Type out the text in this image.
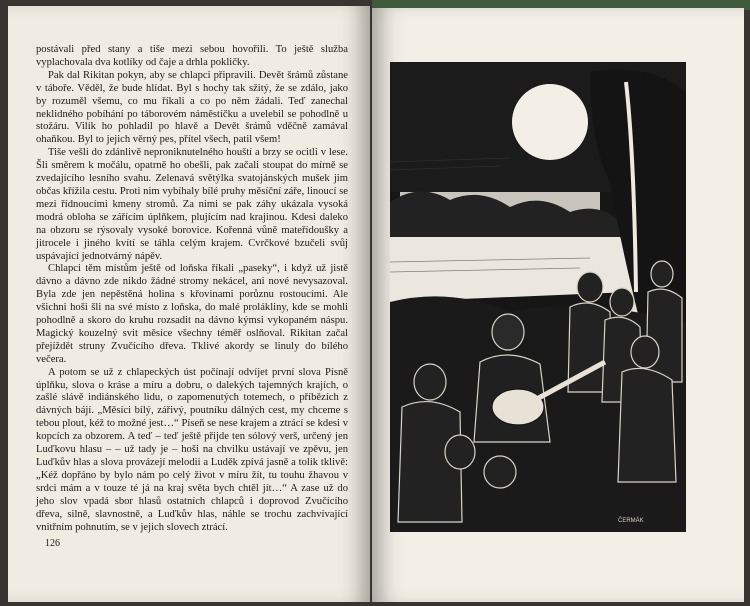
postávali před stany a tiše mezi sebou hovořili. To ještě služba vyplachovala dva kotlíky od čaje a drhla pokličky.

Pak dal Rikitan pokyn, aby se chlapci připravili. Devět šrámů zůstane v táboře. Věděl, že bude hlídat. Byl s hochy tak sžitý, že se zdálo, jako by rozuměl všemu, co mu říkali a co po něm žádali. Teď zanechal neklidného pobíhání po táborovém náměstíčku a uvelebil se pohodlně u stožáru. Vilík ho pohladil po hlavě a Devět šrámů vděčně zamával ohaňkou. Byl to jejich věrný pes, přítel všech, patil všem!

Tiše vešli do zdánlivě neproniknutelného houští a brzy se ocitli v lese. Šli směrem k močálu, opatrně ho obešli, pak začali stoupat do mírně se zvedajícího lesního svahu. Zelenavá světýlka svatojánských mušek jim občas křížila cestu. Proti nim vybíhaly bílé pruhy měsíční záře, linoucí se mezi řídnoucími kmeny stromů. Za nimi se pak záhy ukázala vysoká modrá obloha se zářícím úplňkem, plujícím nad krajinou. Kdesi daleko na obzoru se rýsovaly vysoké borovice. Kořenná vůně mateřídoušky a jitrocele i jiného kvítí se táhla celým krajem. Cvrčkové bzučeli svůj uspávající jednotvárný nápěv.

Chlapci těm místům ještě od loňska říkali „paseky“, i když už jistě dávno a dávno zde nikdo žádné stromy nekácel, ani nové nevysazoval. Byla zde jen nepěstěná holina s křovinami porůznu rostoucími. Ale všichni hoši šli na své místo z loňska, do malé prolákliny, kde se mohli pohodlně a skoro do kruhu rozsadit na dávno kýmsi vykopaném náspu. Magický kouzelný svit měsíce všechny téměř oslňoval. Rikitan začal přejíždět struny Zvučícího dřeva. Tklivé akordy se linuly do bílého večera.

A potom se už z chlapeckých úst počínají odvíjet první slova Písně úplňku, slova o kráse a míru a dobru, o dalekých tajemných krajích, o zašlé slávě indiánského lidu, o zapomenutých totemech, o příbězích z dávných bájí. „Měsíci bílý, zářivý, poutníku dálných cest, my chceme s tebou plout, kéž to možné jest…“ Píseň se nese krajem a ztrácí se kdesi v kopcích za obzorem. A teď – teď ještě přijde ten sólový verš, určený jen Luďkovu hlasu – – už tady je – hoši na chvilku ustávají ve zpěvu, jen Luďkův hlas a slova provázejí melodii a Luděk zpívá jasně a tolik tklivě: „Kéž dopřáno by bylo nám po celý život v míru žít, tu touhu žhavou v srdci mám a v touze té já na kraj světa bych chtěl jít…“ A zase už do jeho slov vpadá sbor hlasů ostatních chlapců i doprovod Zvučícího dřeva, silně, slavnostně, a Luďkův hlas, náhle se trochu zachvívající vnitřním pohnutím, se v jejich slovech ztrácí.

126
ČERMÁK
